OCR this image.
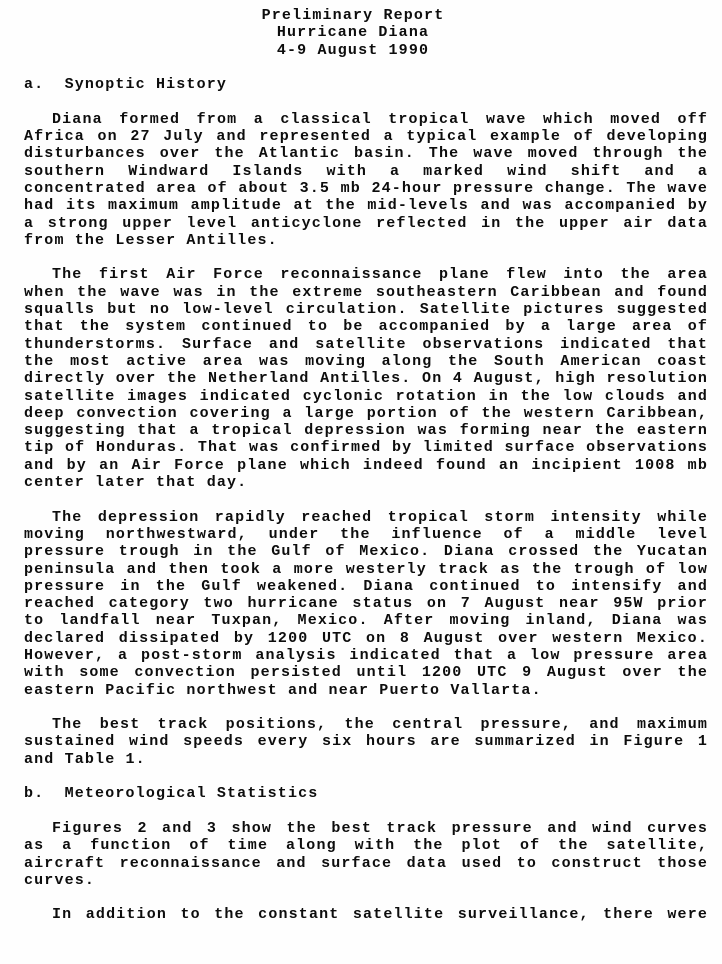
Preliminary Report
Hurricane Diana
4-9 August 1990
a.  Synoptic History
Diana formed from a classical tropical wave which moved off
Africa on 27 July and represented a typical example of developing
disturbances over the Atlantic basin. The wave moved through the
southern Windward Islands with a marked wind shift and a
concentrated area of about 3.5 mb 24-hour pressure change. The wave
had its maximum amplitude at the mid-levels and was accompanied by
a strong upper level anticyclone reflected in the upper air data
from the Lesser Antilles.
The first Air Force reconnaissance plane flew into the area
when the wave was in the extreme southeastern Caribbean and found
squalls but no low-level circulation. Satellite pictures suggested
that the system continued to be accompanied by a large area of
thunderstorms. Surface and satellite observations indicated that
the most active area was moving along the South American coast
directly over the Netherland Antilles. On 4 August, high resolution
satellite images indicated cyclonic rotation in the low clouds and
deep convection covering a large portion of the western Caribbean,
suggesting that a tropical depression was forming near the eastern
tip of Honduras. That was confirmed by limited surface observations
and by an Air Force plane which indeed found an incipient 1008 mb
center later that day.
The depression rapidly reached tropical storm intensity while
moving northwestward, under the influence of a middle level
pressure trough in the Gulf of Mexico. Diana crossed the Yucatan
peninsula and then took a more westerly track as the trough of low
pressure in the Gulf weakened. Diana continued to intensify and
reached category two hurricane status on 7 August near 95W prior
to landfall near Tuxpan, Mexico. After moving inland, Diana was
declared dissipated by 1200 UTC on 8 August over western Mexico.
However, a post-storm analysis indicated that a low pressure area
with some convection persisted until 1200 UTC 9 August over the
eastern Pacific northwest and near Puerto Vallarta.
The best track positions, the central pressure, and maximum
sustained wind speeds every six hours are summarized in Figure 1
and Table 1.
b.  Meteorological Statistics
Figures 2 and 3 show the best track pressure and wind curves
as a function of time along with the plot of the satellite,
aircraft reconnaissance and surface data used to construct those
curves.
In addition to the constant satellite surveillance, there were
